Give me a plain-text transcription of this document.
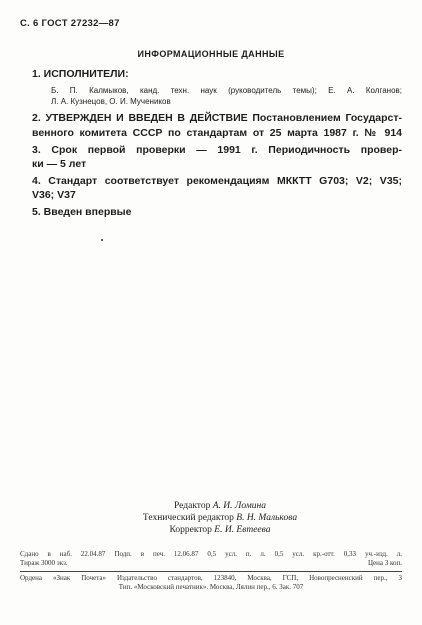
С. 6 ГОСТ 27232—87
ИНФОРМАЦИОННЫЕ ДАННЫЕ
1. ИСПОЛНИТЕЛИ:
Б. П. Калмыков, канд. техн. наук (руководитель темы); Е. А. Колганов;
Л. А. Кузнецов, О. И. Мучеников
2. УТВЕРЖДЕН И ВВЕДЕН В ДЕЙСТВИЕ Постановлением Государст-
венного комитета СССР по стандартам от 25 марта 1987 г. № 914
3. Срок первой проверки — 1991 г. Периодичность провер-
ки — 5 лет
4. Стандарт соответствует рекомендациям МККТТ G703; V2; V35;
V36; V37
5. Введен впервые
Редактор А. И. Ломина
Технический редактор В. Н. Малькова
Корректор Е. И. Евтеева
Сдано в наб. 22.04.87 Подп. в печ. 12.06.87 0,5 усл. п. л. 0,5 усл. кр.-отт. 0,33 уч.-изд. л.
Тираж 3000 экз.	Цена 3 коп.
Ордена «Знак Почета» Издательство стандартов, 123840, Москва, ГСП, Новопресненский пер., 3
Тип. «Московский печатник». Москва, Лялин пер., 6. Зак. 707
